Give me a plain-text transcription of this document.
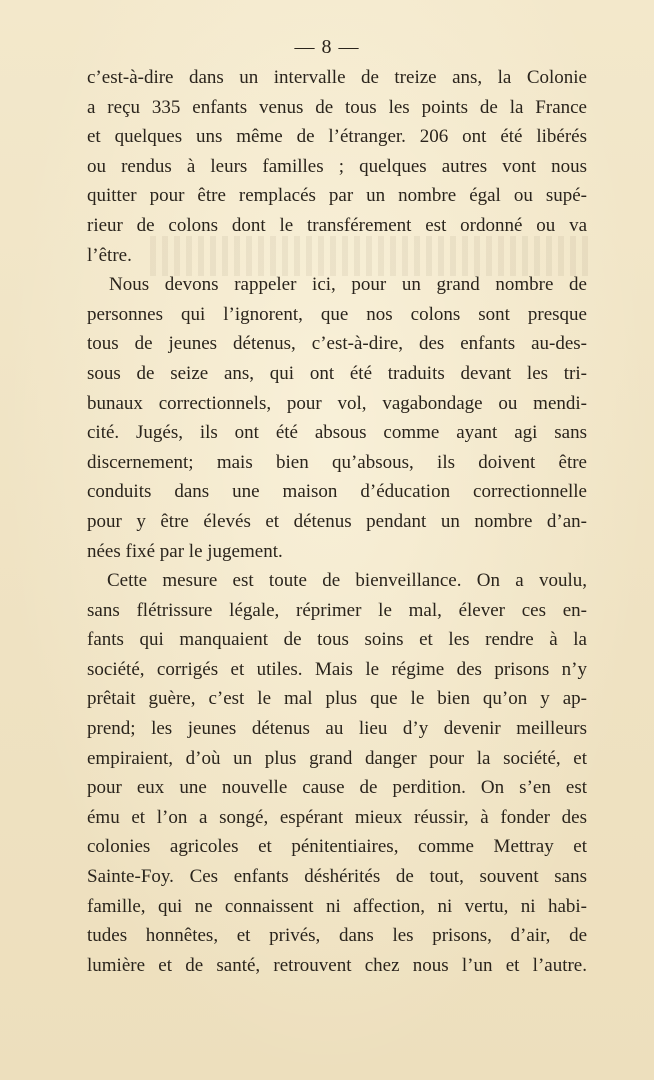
— 8 —
c’est-à-dire dans un intervalle de treize ans, la Colonie
a reçu 335 enfants venus de tous les points de la France
et quelques uns même de l’étranger. 206 ont été libérés
ou rendus à leurs familles ; quelques autres vont nous
quitter pour être remplacés par un nombre égal ou supé-
rieur de colons dont le transférement est ordonné ou va
l’être.
Nous devons rappeler ici, pour un grand nombre de
personnes qui l’ignorent, que nos colons sont presque
tous de jeunes détenus, c’est-à-dire, des enfants au-des-
sous de seize ans, qui ont été traduits devant les tri-
bunaux correctionnels, pour vol, vagabondage ou mendi-
cité. Jugés, ils ont été absous comme ayant agi sans
discernement; mais bien qu’absous, ils doivent être
conduits dans une maison d’éducation correctionnelle
pour y être élevés et détenus pendant un nombre d’an-
nées fixé par le jugement.
Cette mesure est toute de bienveillance. On a voulu,
sans flétrissure légale, réprimer le mal, élever ces en-
fants qui manquaient de tous soins et les rendre à la
société, corrigés et utiles. Mais le régime des prisons n’y
prêtait guère, c’est le mal plus que le bien qu’on y ap-
prend; les jeunes détenus au lieu d’y devenir meilleurs
empiraient, d’où un plus grand danger pour la société, et
pour eux une nouvelle cause de perdition. On s’en est
ému et l’on a songé, espérant mieux réussir, à fonder des
colonies agricoles et pénitentiaires, comme Mettray et
Sainte-Foy. Ces enfants déshérités de tout, souvent sans
famille, qui ne connaissent ni affection, ni vertu, ni habi-
tudes honnêtes, et privés, dans les prisons, d’air, de
lumière et de santé, retrouvent chez nous l’un et l’autre.
